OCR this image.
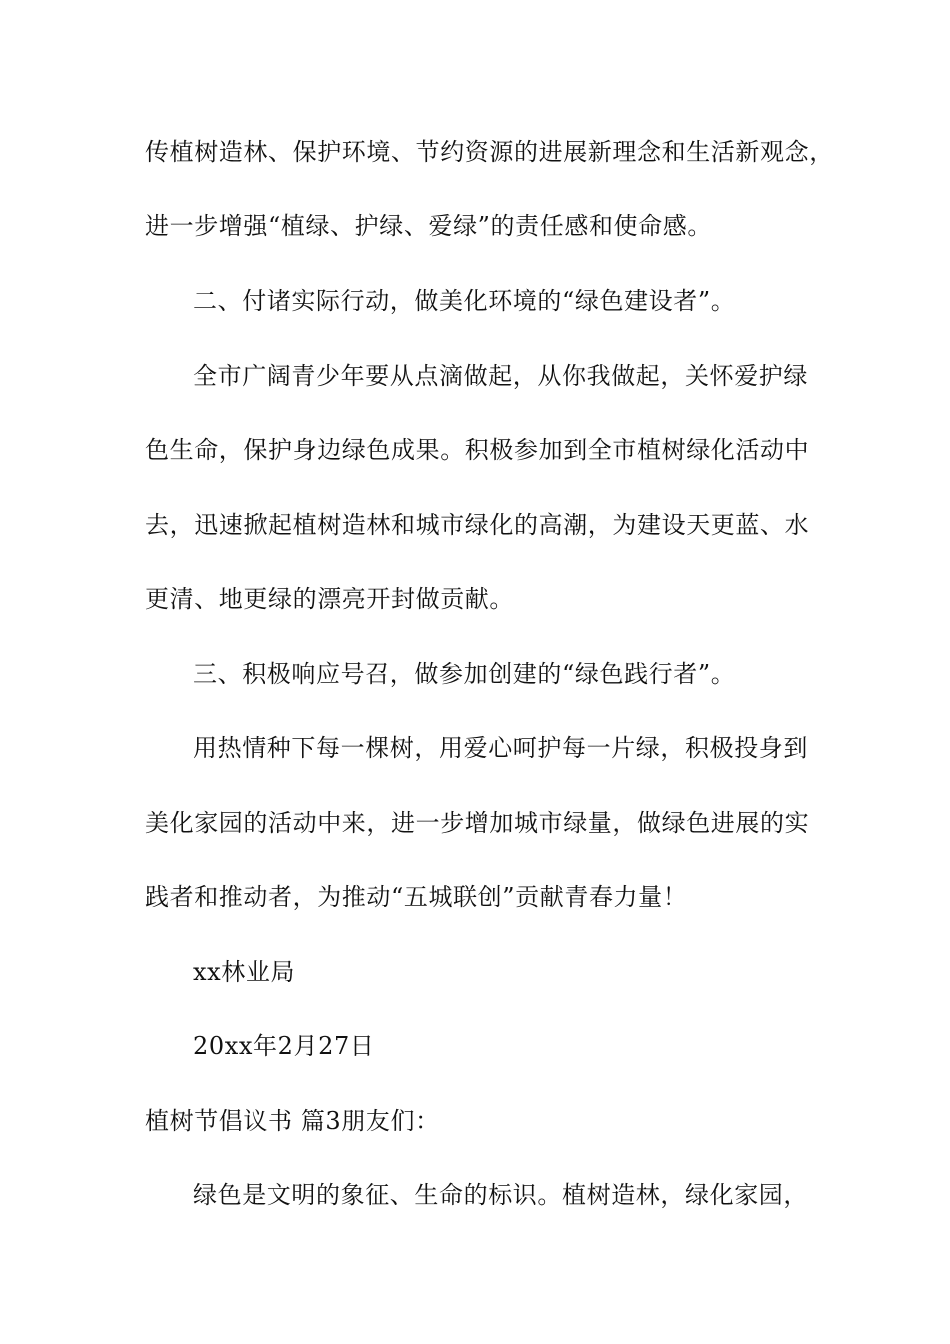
传植树造林、保护环境、节约资源的进展新理念和生活新观念，
进一步增强“植绿、护绿、爱绿”的责任感和使命感。
二、付诸实际行动，做美化环境的“绿色建设者”。
全市广阔青少年要从点滴做起，从你我做起，关怀爱护绿
色生命，保护身边绿色成果。积极参加到全市植树绿化活动中
去，迅速掀起植树造林和城市绿化的高潮，为建设天更蓝、水
更清、地更绿的漂亮开封做贡献。
三、积极响应号召，做参加创建的“绿色践行者”。
用热情种下每一棵树，用爱心呵护每一片绿，积极投身到
美化家园的活动中来，进一步增加城市绿量，做绿色进展的实
践者和推动者，为推动“五城联创”贡献青春力量！
xx林业局
20xx年2月27日
植树节倡议书 篇3朋友们：
绿色是文明的象征、生命的标识。植树造林，绿化家园，
